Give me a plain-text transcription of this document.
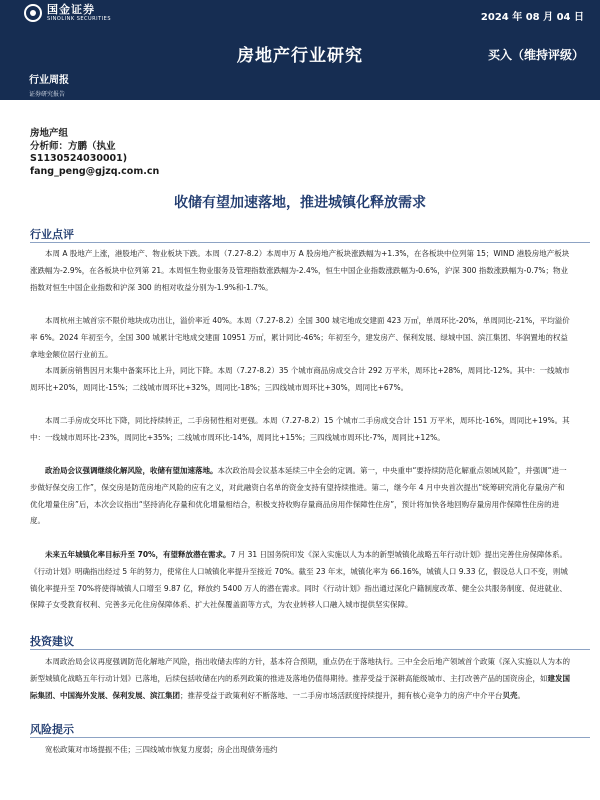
国金证券
SINOLINK SECURITIES	2024 年 08 月 04 日
房地产行业研究	买入（维持评级）
行业周报
证券研究报告
房地产组
分析师：方鹏（执业
S1130524030001)
fang_peng@gjzq.com.cn
收储有望加速落地，推进城镇化释放需求
行业点评
本周 A 股地产上涨，港股地产、物业板块下跌。本周（7.27-8.2）本周申万 A 股房地产板块涨跌幅为+1.3%，在各板块中位列第 15；WIND 港股房地产板块涨跌幅为-2.9%，在各板块中位列第 21。本周恒生物业服务及管理指数涨跌幅为-2.4%，恒生中国企业指数涨跌幅为-0.6%，沪深 300 指数涨跌幅为-0.7%；物业指数对恒生中国企业指数和沪深 300 的相对收益分别为-1.9%和-1.7%。
本周杭州主城首宗不限价地块成功出让，溢价率近 40%。本周（7.27-8.2）全国 300 城宅地成交建面 423 万㎡，单周环比-20%，单周同比-21%，平均溢价率 6%。2024 年初至今，全国 300 城累计宅地成交建面 10951 万㎡，累计同比-46%；年初至今，建发房产、保利发展、绿城中国、滨江集团、华润置地的权益拿地金额位居行业前五。
本周新房销售因月末集中备案环比上升，同比下降。本周（7.27-8.2）35 个城市商品房成交合计 292 万平米，周环比+28%，周同比-12%。其中：一线城市周环比+20%，周同比-15%；二线城市周环比+32%，周同比-18%；三四线城市周环比+30%，周同比+67%。
本周二手房成交环比下降，同比持续转正，二手房韧性相对更强。本周（7.27-8.2）15 个城市二手房成交合计 151 万平米，周环比-16%，周同比+19%。其中：一线城市周环比-23%，周同比+35%；二线城市周环比-14%，周同比+15%；三四线城市周环比-7%，周同比+12%。
政治局会议强调继续化解风险，收储有望加速落地。本次政治局会议基本延续三中全会的定调。第一，中央重申“要持续防范化解重点领域风险”，并强调“进一步做好保交房工作”，保交房是防范房地产风险的应有之义，对此融资白名单的资金支持有望持续推进。第二，继今年 4 月中央首次提出“统筹研究消化存量房产和优化增量住房”后，本次会议指出“坚持消化存量和优化增量相结合，积极支持收购存量商品房用作保障性住房”，预计将加快各地回购存量房用作保障性住房的进度。
未来五年城镇化率目标升至 70%，有望释放潜在需求。7 月 31 日国务院印发《深入实施以人为本的新型城镇化战略五年行动计划》提出完善住房保障体系。《行动计划》明确指出经过 5 年的努力，使常住人口城镇化率提升至接近 70%。截至 23 年末，城镇化率为 66.16%，城镇人口 9.33 亿，假设总人口不变，则城镇化率提升至 70%将使得城镇人口增至 9.87 亿，释放约 5400 万人的潜在需求。同时《行动计划》指出通过深化户籍制度改革、健全公共服务制度、促进就业、保障子女受教育权利、完善多元化住房保障体系、扩大社保覆盖面等方式，为农业转移人口融入城市提供坚实保障。
投资建议
本周政治局会议再度强调防范化解地产风险，指出收储去库的方针，基本符合预期，重点仍在于落地执行。三中全会后地产领域首个政策《深入实施以人为本的新型城镇化战略五年行动计划》已落地，后续包括收储在内的系列政策的推进及落地仍值得期待。推荐受益于深耕高能级城市、主打改善产品的国资房企，如建发国际集团、中国海外发展、保利发展、滨江集团；推荐受益于政策利好不断落地、一二手房市场活跃度持续提升，拥有核心竞争力的房产中介平台贝壳。
风险提示
宽松政策对市场提振不佳；三四线城市恢复力度弱；房企出现债务违约
